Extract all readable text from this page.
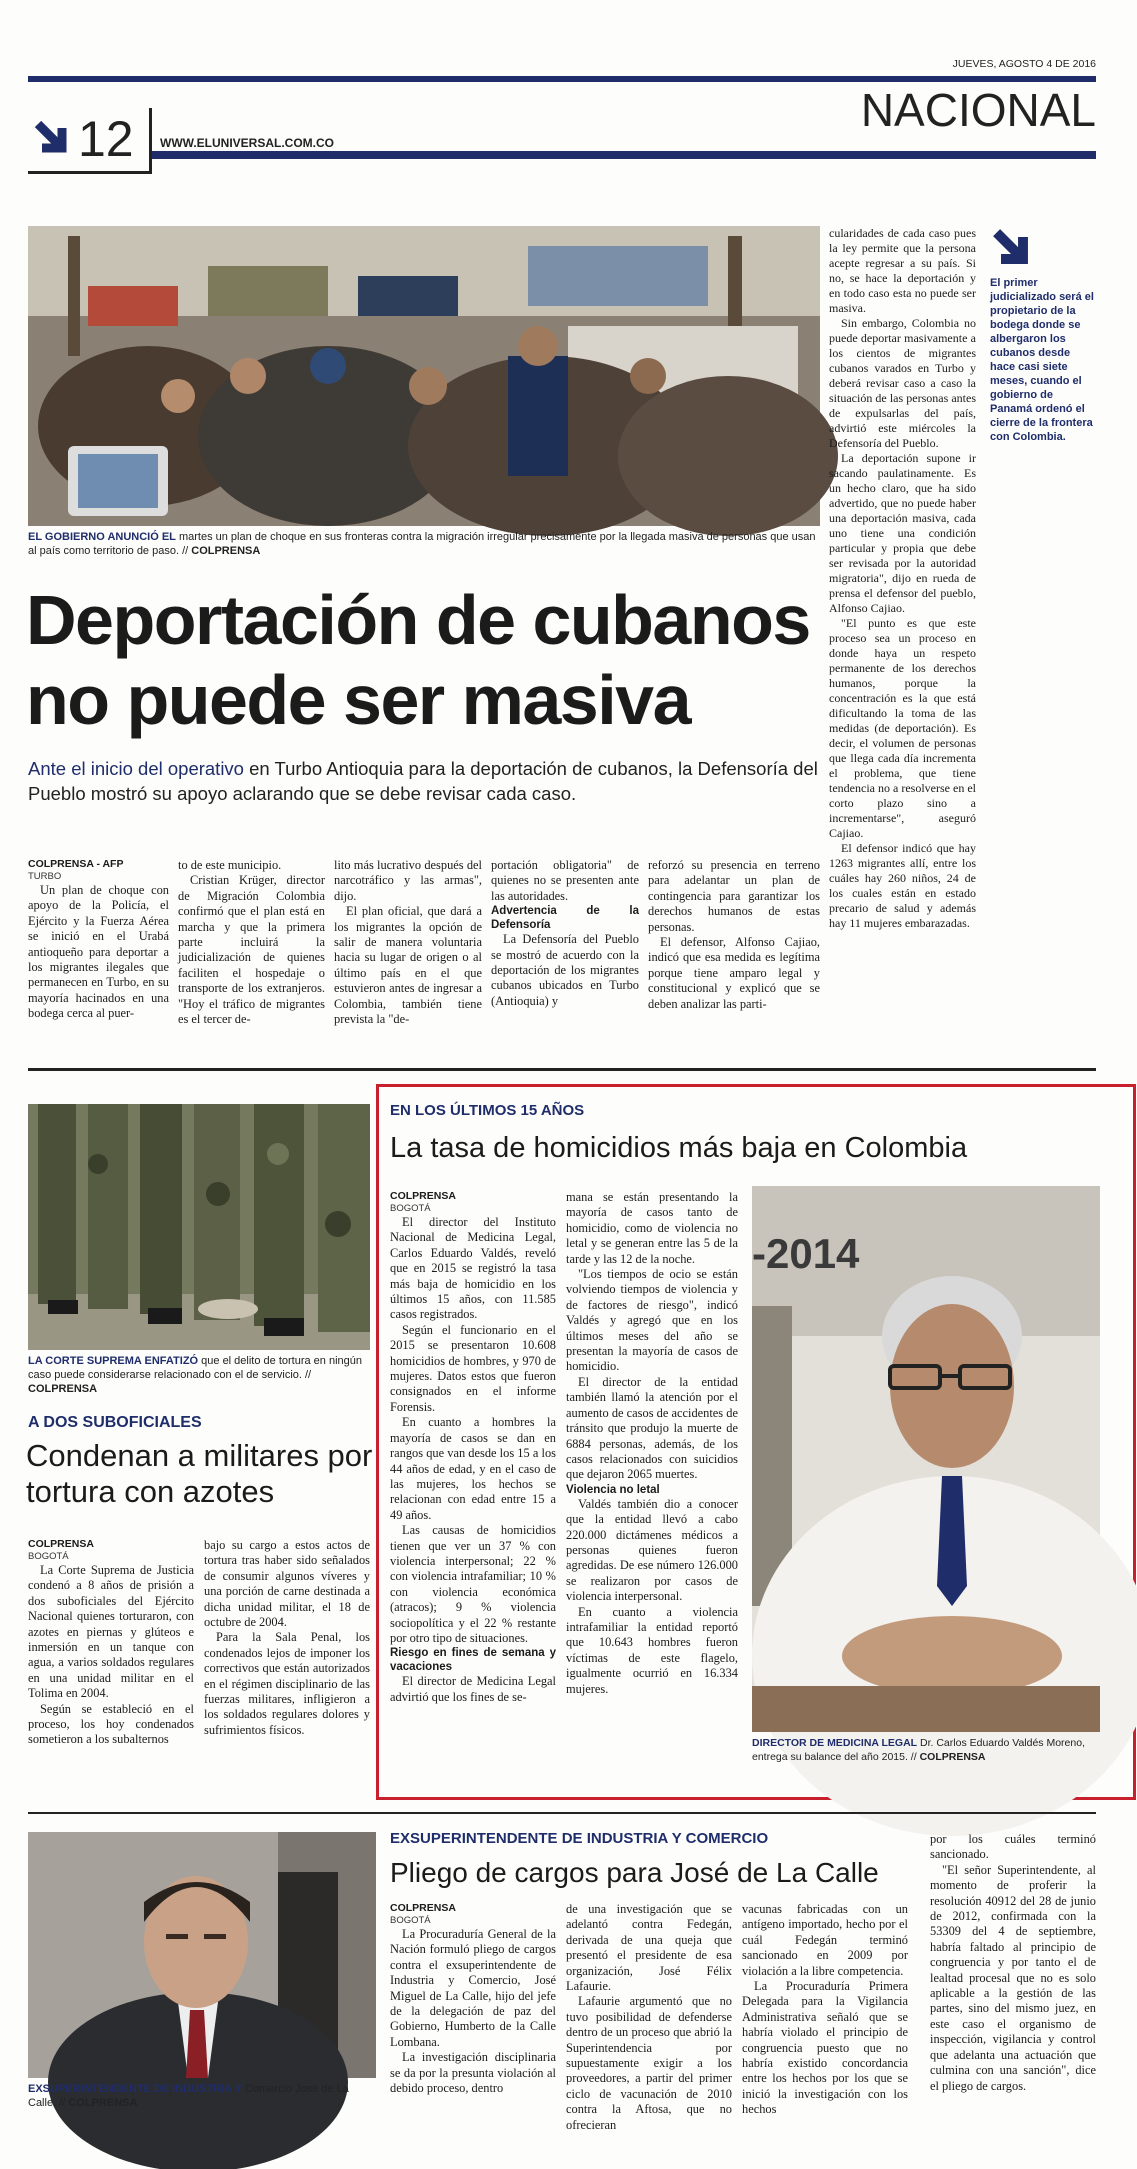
JUEVES, AGOSTO 4 DE 2016
NACIONAL
12 WWW.ELUNIVERSAL.COM.CO
EL GOBIERNO ANUNCIÓ EL martes un plan de choque en sus fronteras contra la migración irregular precisamente por la llegada masiva de personas que usan al país como territorio de paso. // COLPRENSA
Deportación de cubanos
no puede ser masiva
Ante el inicio del operativo en Turbo Antioquia para la deportación de cubanos, la Defensoría del Pueblo mostró su apoyo aclarando que se debe revisar cada caso.

COLPRENSA - AFP

TURBO

Un plan de choque con apoyo de la Policía, el Ejército y la Fuerza Aérea se inició en el Urabá antioqueño para deportar a los migrantes ilegales que permanecen en Turbo, en su mayoría hacinados en una bodega cerca al puer-

to de este municipio.

Cristian Krüger, director de Migración Colombia confirmó que el plan está en marcha y que la primera parte incluirá la judicialización de quienes faciliten el hospedaje o transporte de los extranjeros. "Hoy el tráfico de migrantes es el tercer de-

lito más lucrativo después del narcotráfico y las armas", dijo.

El plan oficial, que dará a los migrantes la opción de salir de manera voluntaria hacia su lugar de origen o al último país en el que estuvieron antes de ingresar a Colombia, también tiene prevista la "de-

portación obligatoria" de quienes no se presenten ante las autoridades.

Advertencia de la Defensoría

La Defensoría del Pueblo se mostró de acuerdo con la deportación de los migrantes cubanos ubicados en Turbo (Antioquia) y

reforzó su presencia en terreno para adelantar un plan de contingencia para garantizar los derechos humanos de estas personas.

El defensor, Alfonso Cajiao, indicó que esa medida es legítima porque tiene amparo legal y constitucional y explicó que se deben analizar las parti-

cularidades de cada caso pues la ley permite que la persona acepte regresar a su país. Si no, se hace la deportación y en todo caso esta no puede ser masiva.

Sin embargo, Colombia no puede deportar masivamente a los cientos de migrantes cubanos varados en Turbo y deberá revisar caso a caso la situación de las personas antes de expulsarlas del país, advirtió este miércoles la Defensoría del Pueblo.

La deportación supone ir sacando paulatinamente. Es un hecho claro, que ha sido advertido, que no puede haber una deportación masiva, cada uno tiene una condición particular y propia que debe ser revisada por la autoridad migratoria", dijo en rueda de prensa el defensor del pueblo, Alfonso Cajiao.

"El punto es que este proceso sea un proceso en donde haya un respeto permanente de los derechos humanos, porque la concentración es la que está dificultando la toma de las medidas (de deportación). Es decir, el volumen de personas que llega cada día incrementa el problema, que tiene tendencia no a resolverse en el corto plazo sino a incrementarse", aseguró Cajiao.

El defensor indicó que hay 1263 migrantes allí, entre los cuáles hay 260 niños, 24 de los cuales están en estado precario de salud y además hay 11 mujeres embarazadas.

El primer judicializado será el propietario de la bodega donde se albergaron los cubanos desde hace casi siete meses, cuando el gobierno de Panamá ordenó el cierre de la frontera con Colombia.
LA CORTE SUPREMA ENFATIZÓ que el delito de tortura en ningún caso puede considerarse relacionado con el de servicio. // COLPRENSA
A DOS SUBOFICIALES
Condenan a militares por
tortura con azotes

COLPRENSA

BOGOTÁ

La Corte Suprema de Justicia condenó a 8 años de prisión a dos suboficiales del Ejército Nacional quienes torturaron, con azotes en piernas y glúteos e inmersión en un tanque con agua, a varios soldados regulares en una unidad militar en el Tolima en 2004.

Según se estableció en el proceso, los hoy condenados sometieron a los subalternos

bajo su cargo a estos actos de tortura tras haber sido señalados de consumir algunos víveres y una porción de carne destinada a dicha unidad militar, el 18 de octubre de 2004.

Para la Sala Penal, los condenados lejos de imponer los correctivos que están autorizados en el régimen disciplinario de las fuerzas militares, infligieron a los soldados regulares dolores y sufrimientos físicos.

EN LOS ÚLTIMOS 15 AÑOS
La tasa de homicidios más baja en Colombia

COLPRENSA

BOGOTÁ

El director del Instituto Nacional de Medicina Legal, Carlos Eduardo Valdés, reveló que en 2015 se registró la tasa más baja de homicidio en los últimos 15 años, con 11.585 casos registrados.

Según el funcionario en el 2015 se presentaron 10.608 homicidios de hombres, y 970 de mujeres. Datos estos que fueron consignados en el informe Forensis.

En cuanto a hombres la mayoría de casos se dan en rangos que van desde los 15 a los 44 años de edad, y en el caso de las mujeres, los hechos se relacionan con edad entre 15 a 49 años.

Las causas de homicidios tienen que ver un 37 % con violencia interpersonal; 22 % con violencia intrafamiliar; 10 % con violencia económica (atracos); 9 % violencia sociopolítica y el 22 % restante por otro tipo de situaciones.

Riesgo en fines de semana y vacaciones

El director de Medicina Legal advirtió que los fines de se-

mana se están presentando la mayoría de casos tanto de homicidio, como de violencia no letal y se generan entre las 5 de la tarde y las 12 de la noche.

"Los tiempos de ocio se están volviendo tiempos de violencia y de factores de riesgo", indicó Valdés y agregó que en los últimos meses del año se presentan la mayoría de casos de homicidio.

El director de la entidad también llamó la atención por el aumento de casos de accidentes de tránsito que produjo la muerte de 6884 personas, además, de los casos relacionados con suicidios que dejaron 2065 muertes.

Violencia no letal

Valdés también dio a conocer que la entidad llevó a cabo 220.000 dictámenes médicos a personas quienes fueron agredidas. De ese número 126.000 se realizaron por casos de violencia interpersonal.

En cuanto a violencia intrafamiliar la entidad reportó que 10.643 hombres fueron víctimas de este flagelo, igualmente ocurrió en 16.334 mujeres.

-2014
DIRECTOR DE MEDICINA LEGAL Dr. Carlos Eduardo Valdés Moreno, entrega su balance del año 2015. // COLPRENSA
EXSUPERINTENDENTE DE INDUSTRIA Y Comercio José de La Calle. // COLPRENSA
EXSUPERINTENDENTE DE INDUSTRIA Y COMERCIO
Pliego de cargos para José de La Calle

COLPRENSA

BOGOTÁ

La Procuraduría General de la Nación formuló pliego de cargos contra el exsuperintendente de Industria y Comercio, José Miguel de La Calle, hijo del jefe de la delegación de paz del Gobierno, Humberto de la Calle Lombana.

La investigación disciplinaria se da por la presunta violación al debido proceso, dentro

de una investigación que se adelantó contra Fedegán, derivada de una queja que presentó el presidente de esa organización, José Félix Lafaurie.

Lafaurie argumentó que no tuvo posibilidad de defenderse dentro de un proceso que abrió la Superintendencia por supuestamente exigir a los proveedores, a partir del primer ciclo de vacunación de 2010 contra la Aftosa, que no ofrecieran

vacunas fabricadas con un antígeno importado, hecho por el cuál Fedegán terminó sancionado en 2009 por violación a la libre competencia.

La Procuraduría Primera Delegada para la Vigilancia Administrativa señaló que se habría violado el principio de congruencia puesto que no habría existido concordancia entre los hechos por los que se inició la investigación con los hechos

por los cuáles terminó sancionado.

"El señor Superintendente, al momento de proferir la resolución 40912 del 28 de junio de 2012, confirmada con la 53309 del 4 de septiembre, habría faltado al principio de congruencia y por tanto el de lealtad procesal que no es solo aplicable a la gestión de las partes, sino del mismo juez, en este caso el organismo de inspección, vigilancia y control que adelanta una actuación que culmina con una sanción", dice el pliego de cargos.
